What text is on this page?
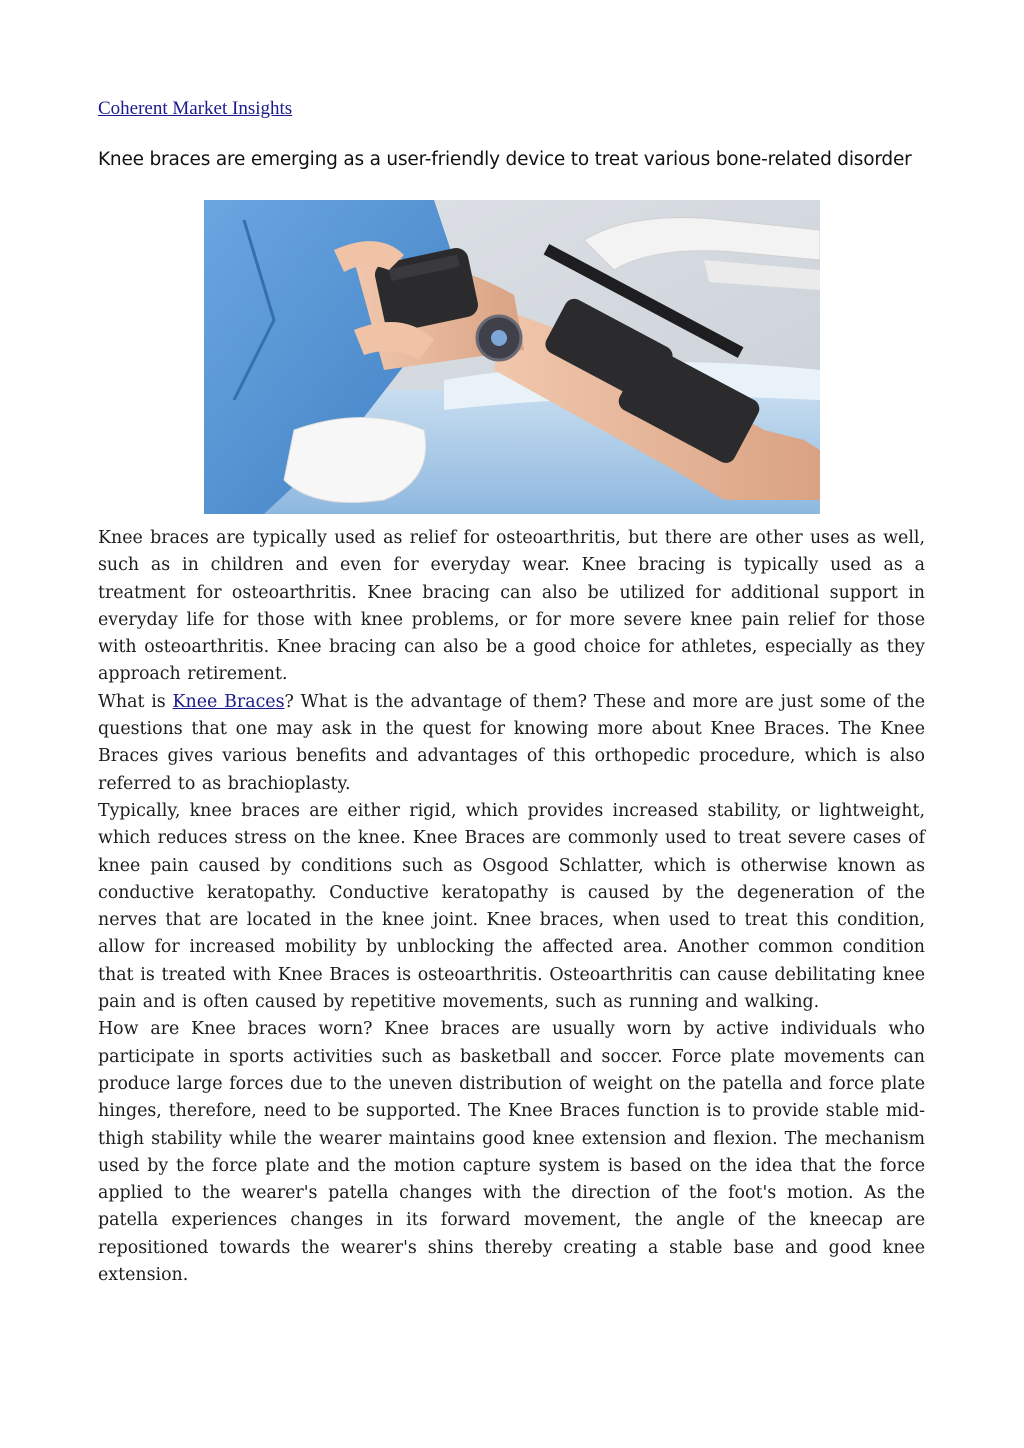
Coherent Market Insights
Knee braces are emerging as a user-friendly device to treat various bone-related disorder

Knee braces are typically used as relief for osteoarthritis, but there are other uses as well, such as in children and even for everyday wear. Knee bracing is typically used as a treatment for osteoarthritis. Knee bracing can also be utilized for additional support in everyday life for those with knee problems, or for more severe knee pain relief for those with osteoarthritis. Knee bracing can also be a good choice for athletes, especially as they approach retirement.

What is Knee Braces? What is the advantage of them? These and more are just some of the questions that one may ask in the quest for knowing more about Knee Braces. The Knee Braces gives various benefits and advantages of this orthopedic procedure, which is also referred to as brachioplasty.

Typically, knee braces are either rigid, which provides increased stability, or lightweight, which reduces stress on the knee. Knee Braces are commonly used to treat severe cases of knee pain caused by conditions such as Osgood Schlatter, which is otherwise known as conductive keratopathy. Conductive keratopathy is caused by the degeneration of the nerves that are located in the knee joint. Knee braces, when used to treat this condition, allow for increased mobility by unblocking the affected area. Another common condition that is treated with Knee Braces is osteoarthritis. Osteoarthritis can cause debilitating knee pain and is often caused by repetitive movements, such as running and walking.

How are Knee braces worn? Knee braces are usually worn by active individuals who participate in sports activities such as basketball and soccer. Force plate movements can produce large forces due to the uneven distribution of weight on the patella and force plate hinges, therefore, need to be supported. The Knee Braces function is to provide stable mid-thigh stability while the wearer maintains good knee extension and flexion. The mechanism used by the force plate and the motion capture system is based on the idea that the force applied to the wearer's patella changes with the direction of the foot's motion. As the patella experiences changes in its forward movement, the angle of the kneecap are repositioned towards the wearer's shins thereby creating a stable base and good knee extension.
